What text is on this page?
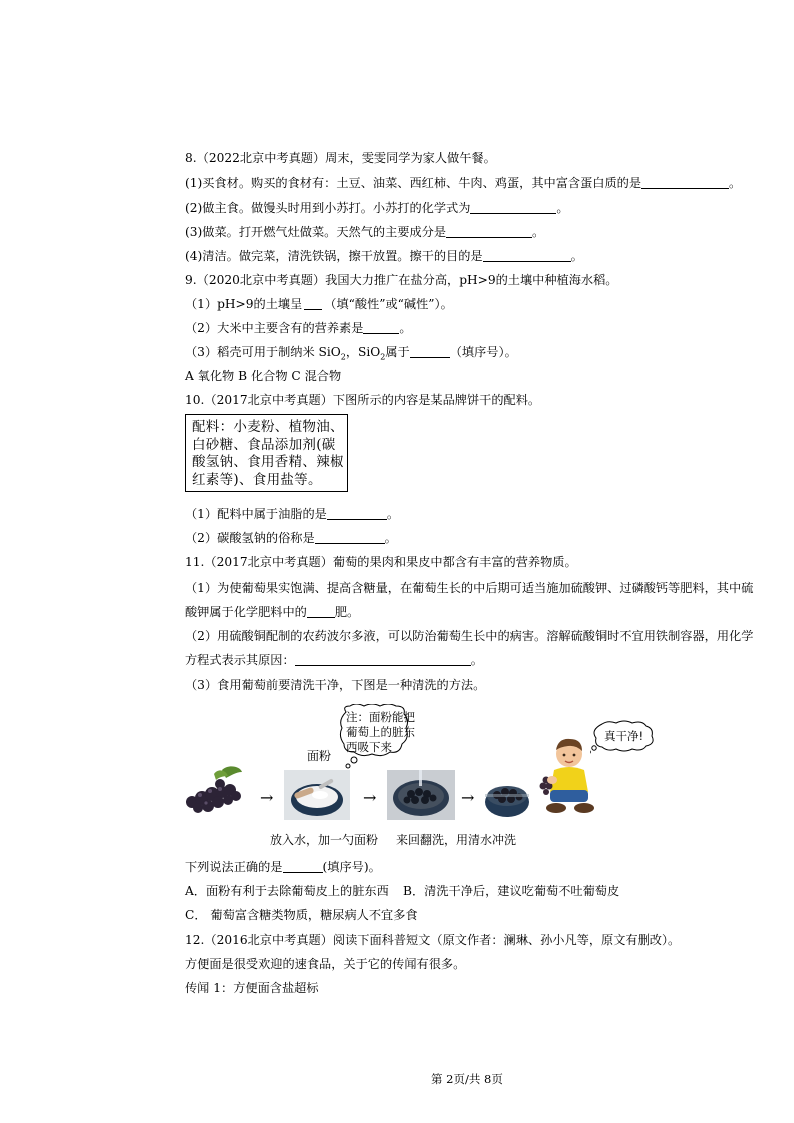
8.（2022北京中考真题）周末，雯雯同学为家人做午餐。
(1)买食材。购买的食材有：土豆、油菜、西红柿、牛肉、鸡蛋，其中富含蛋白质的是	。
(2)做主食。做馒头时用到小苏打。小苏打的化学式为	。
(3)做菜。打开燃气灶做菜。天然气的主要成分是	。
(4)清洁。做完菜，清洗铁锅，擦干放置。擦干的目的是	。
9.（2020北京中考真题）我国大力推广在盐分高，pH>9的土壤中种植海水稻。
（1）pH>9的土壤呈 （填“酸性”或“碱性”）。
（2）大米中主要含有的营养素是	。
（3）稻壳可用于制纳米 SiO$_2$，SiO$_2$属于	（填序号）。
A 氧化物 B 化合物 C 混合物
10.（2017北京中考真题）下图所示的内容是某品牌饼干的配料。
配料：小麦粉、植物油、
白砂糖、食品添加剂(碳
酸氢钠、食用香精、辣椒
红素等)、食用盐等。
（1）配料中属于油脂的是	。
（2）碳酸氢钠的俗称是	。
11.（2017北京中考真题）葡萄的果肉和果皮中都含有丰富的营养物质。
（1）为使葡萄果实饱满、提高含糖量，在葡萄生长的中后期可适当施加硫酸钾、过磷酸钙等肥料，其中硫
酸钾属于化学肥料中的 肥。
（2）用硫酸铜配制的农药波尔多液，可以防治葡萄生长中的病害。溶解硫酸铜时不宜用铁制容器，用化学
方程式表示其原因：	。
（3）食用葡萄前要清洗干净，下图是一种清洗的方法。
→
面粉
注：面粉能把
葡萄上的脏东
西吸下来
→	→
真干净!
放入水，加一勺面粉 来回翻洗，用清水冲洗
下列说法正确的是	(填序号)。
A．面粉有利于去除葡萄皮上的脏东西 B．清洗干净后，建议吃葡萄不吐葡萄皮
C． 葡萄富含糖类物质，糖尿病人不宜多食
12.（2016北京中考真题）阅读下面科普短文（原文作者：澜琳、孙小凡等，原文有删改）。
方便面是很受欢迎的速食品，关于它的传闻有很多。
传闻 1：方便面含盐超标
第 2页/共 8页
